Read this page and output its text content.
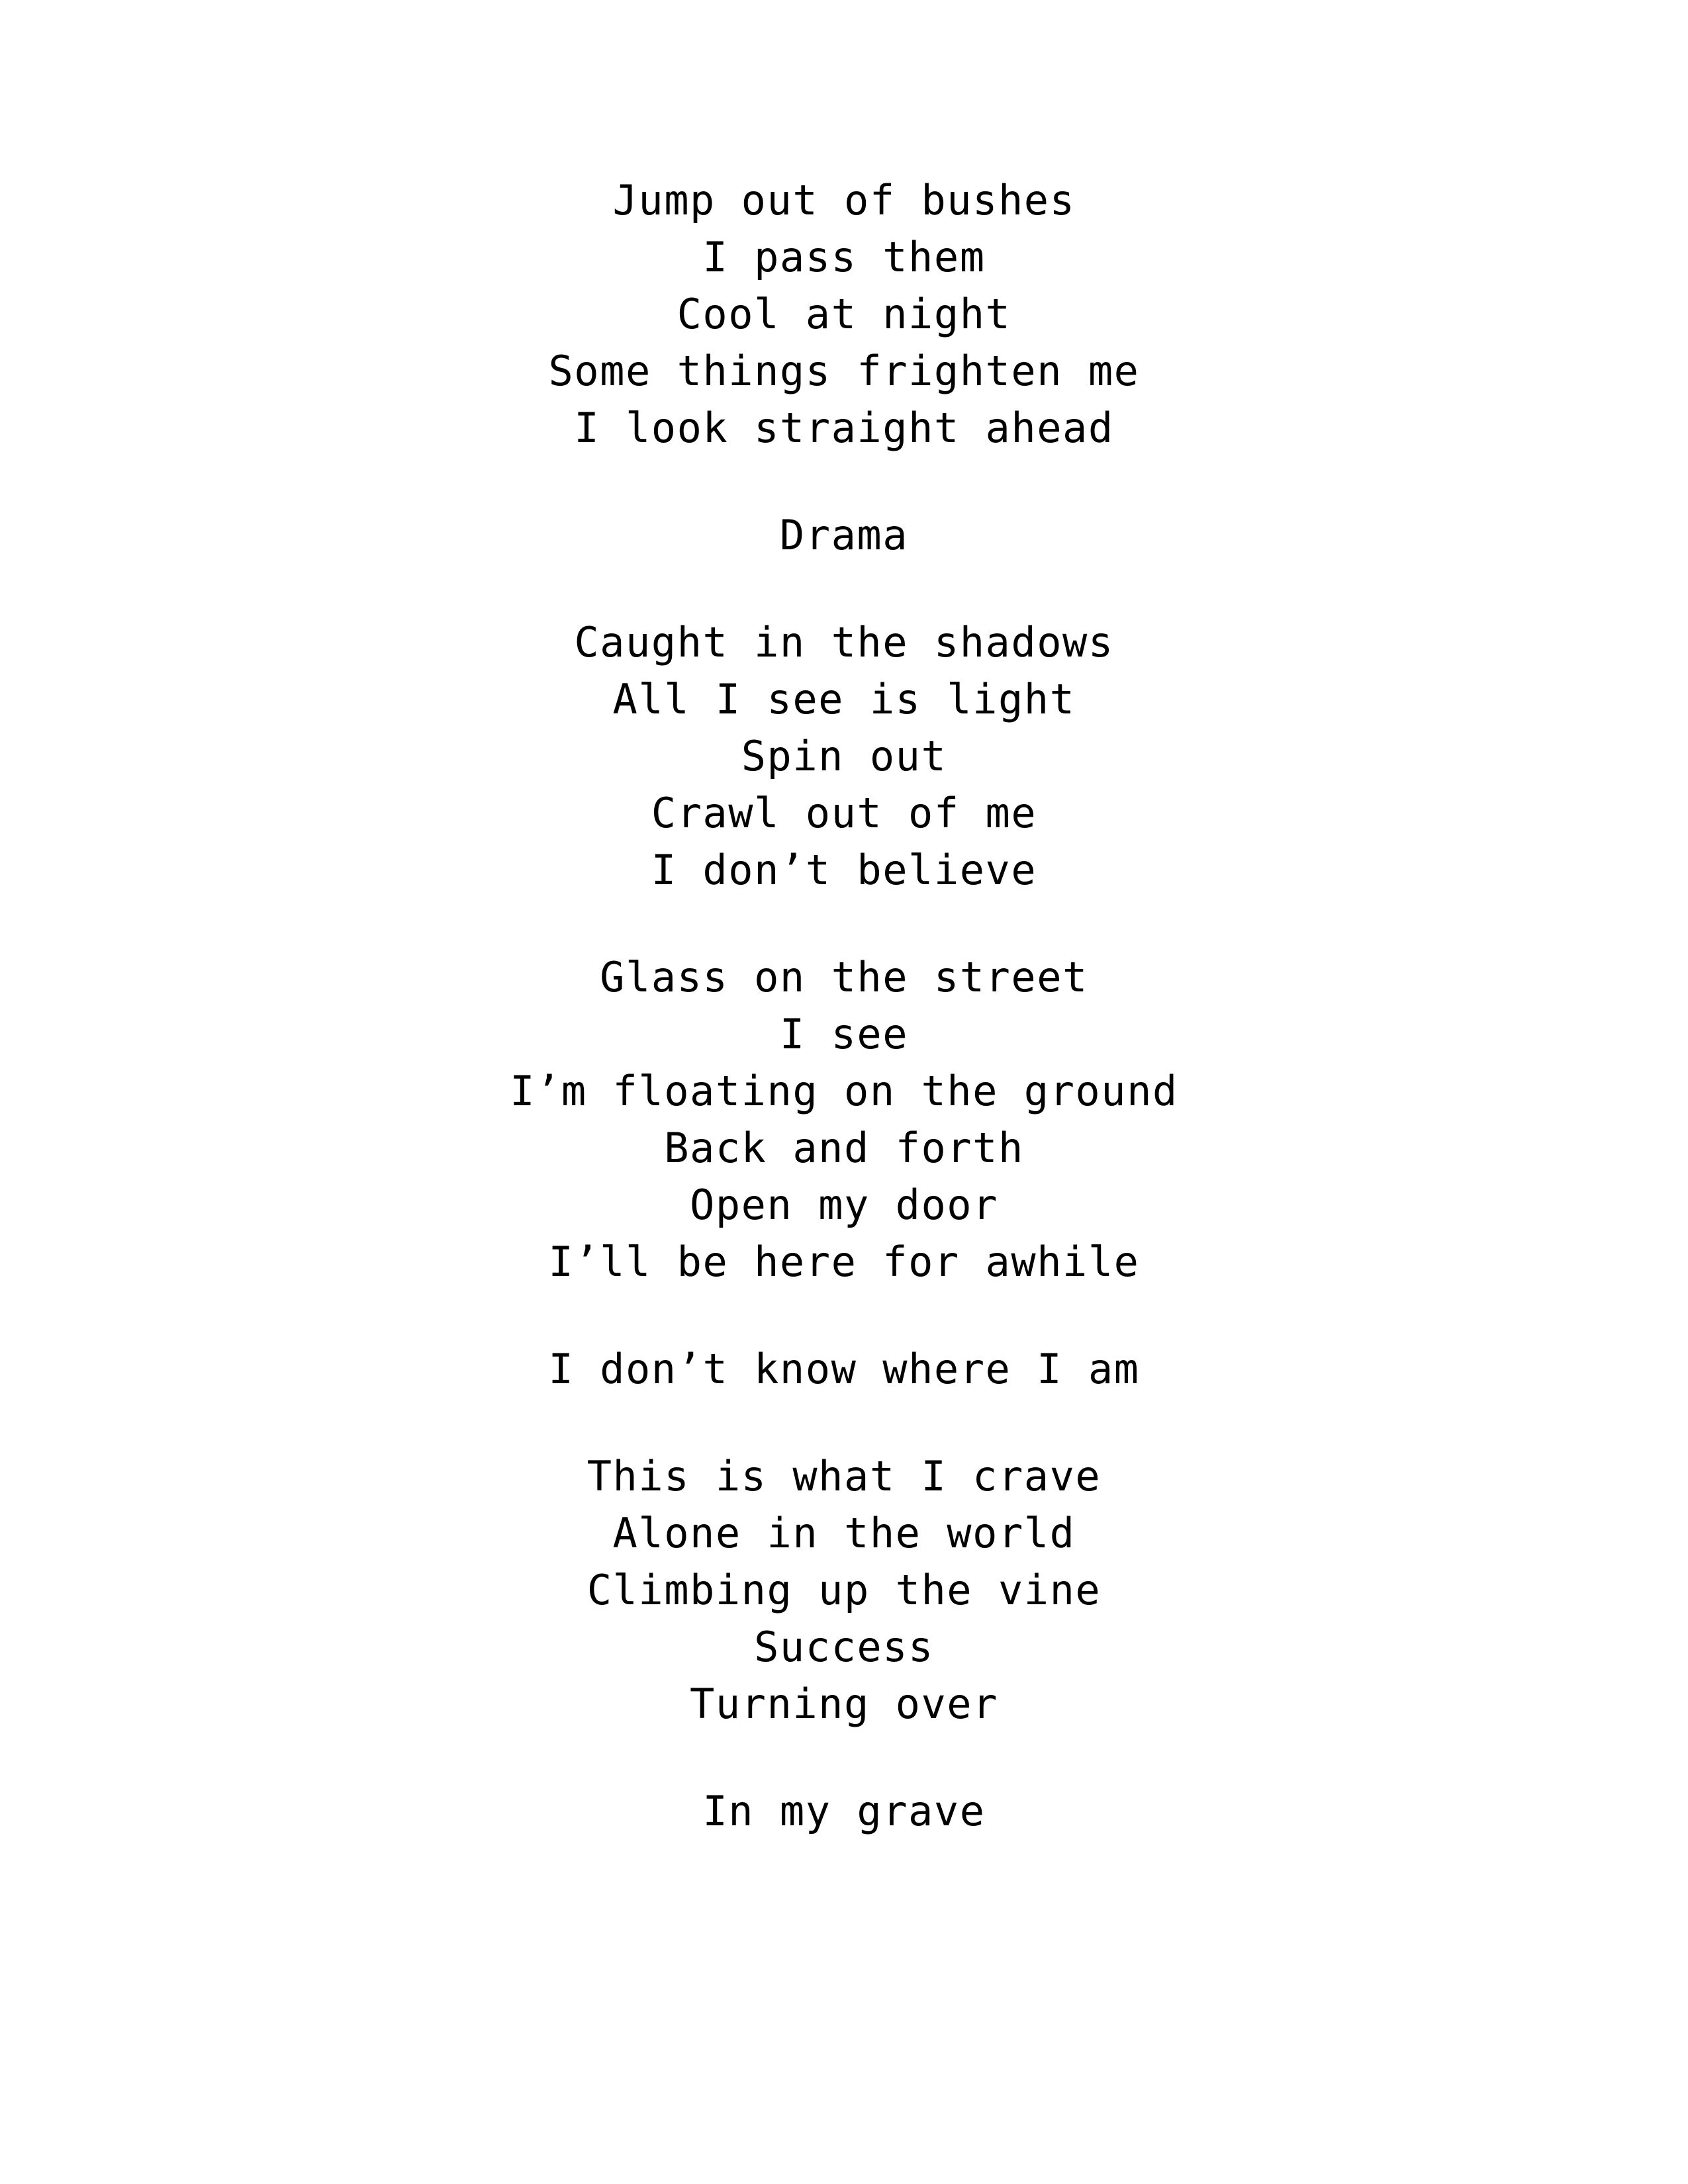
Jump out of bushes
I pass them
Cool at night
Some things frighten me
I look straight ahead
Drama
Caught in the shadows
All I see is light
Spin out
Crawl out of me
I don’t believe
Glass on the street
I see
I’m floating on the ground
Back and forth
Open my door
I’ll be here for awhile
I don’t know where I am
This is what I crave
Alone in the world
Climbing up the vine
Success
Turning over
In my grave
